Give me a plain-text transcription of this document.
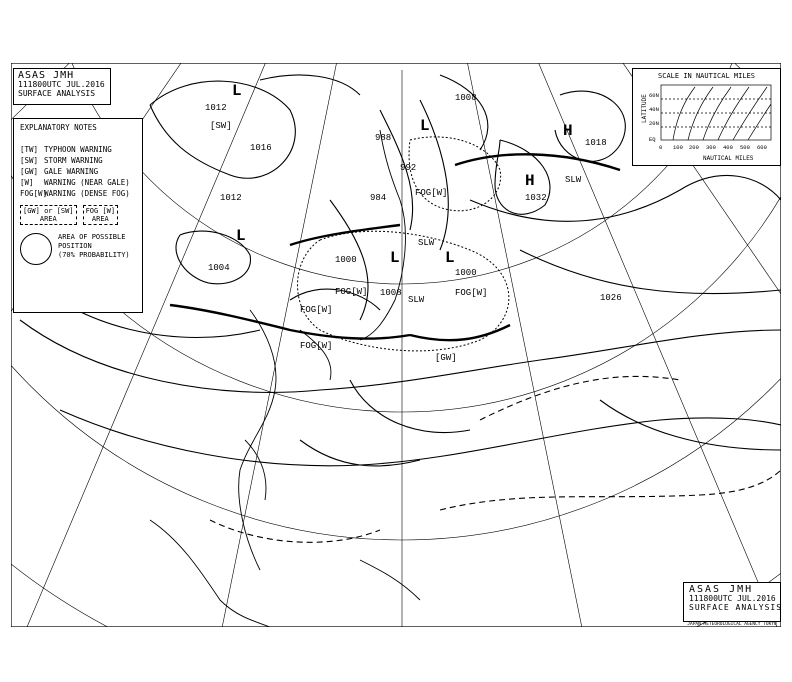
1012
1012
1004
1000
1008
1000
992
988
984	1032
1018
1026
1008
1016
L
L
L
H
H
L
L
FOG[W]
FOG[W]
FOG[W]
FOG[W]
FOG[W]
SLW
SLW
SLW
[GW]
[SW]
ASAS JMH
111800UTC JUL.2016
SURFACE ANALYSIS
EXPLANATORY NOTES
[TW] TYPHOON WARNING
[SW] STORM WARNING
[GW] GALE WARNING
[W]	WARNING (NEAR GALE)
FOG[W]
WARNING (DENSE FOG)
[GW] or [SW]
AREA
FOG [W]
AREA
AREA OF POSSIBLE POSITION
(70% PROBABILITY)
SCALE IN NAUTICAL MILES
LATITUDE 60N
40N
20N
EQ
0 100 200 300 400 500 600
NAUTICAL MILES
ASAS JMH
111800UTC JUL.2016
SURFACE ANALYSIS
JAPAN METEOROLOGICAL AGENCY TOKYO
